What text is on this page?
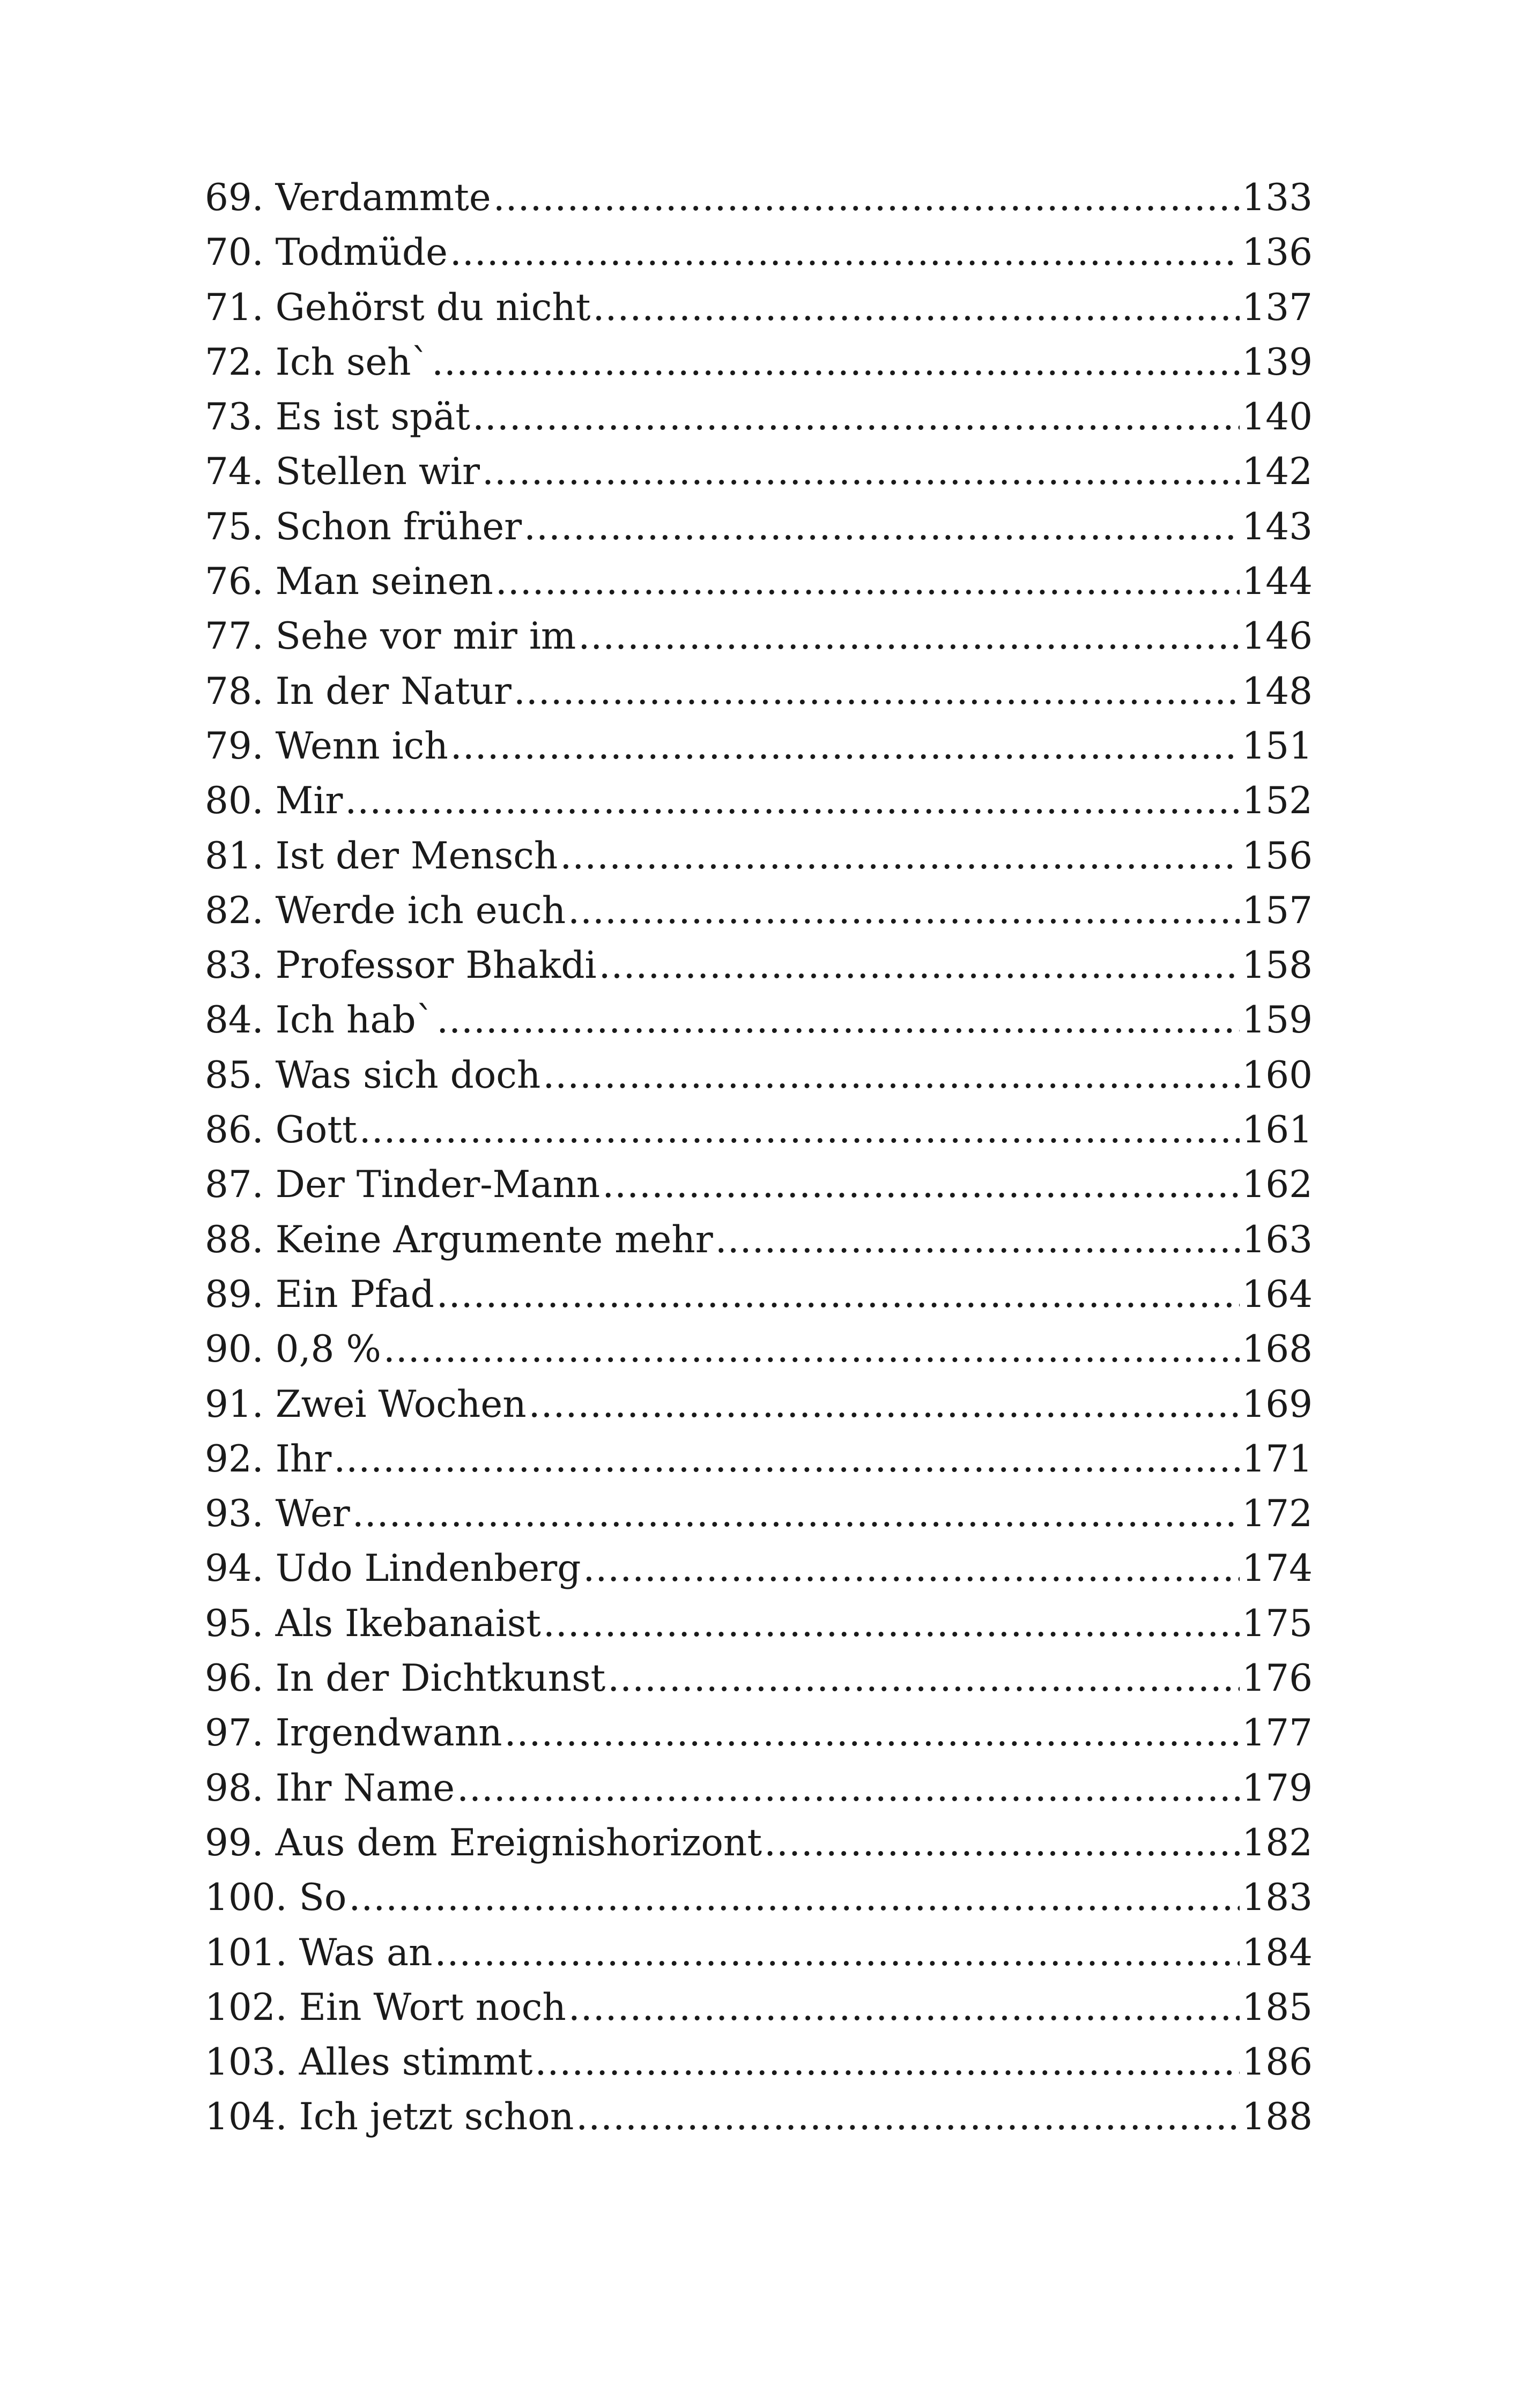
69. Verdammte .....	133
70. Todmüde .....	136
71. Gehörst du nicht .....	137
72. Ich seh` .....	139
73. Es ist spät .....	140
74. Stellen wir .....	142
75. Schon früher .....	143
76. Man seinen .....	144
77. Sehe vor mir im .....	146
78. In der Natur .....	148
79. Wenn ich .....	151
80. Mir .....	152
81. Ist der Mensch .....	156
82. Werde ich euch .....	157
83. Professor Bhakdi .....	158
84. Ich hab` .....	159
85. Was sich doch .....	160
86. Gott .....	161
87. Der Tinder-Mann .....	162
88. Keine Argumente mehr .....	163
89. Ein Pfad .....	164
90. 0,8 % .....	168
91. Zwei Wochen .....	169
92. Ihr .....	171
93. Wer .....	172
94. Udo Lindenberg .....	174
95. Als Ikebanaist .....	175
96. In der Dichtkunst .....	176
97. Irgendwann .....	177
98. Ihr Name .....	179
99. Aus dem Ereignishorizont .....	182
100. So .....	183
101. Was an .....	184
102. Ein Wort noch .....	185
103. Alles stimmt .....	186
104. Ich jetzt schon .....	188
